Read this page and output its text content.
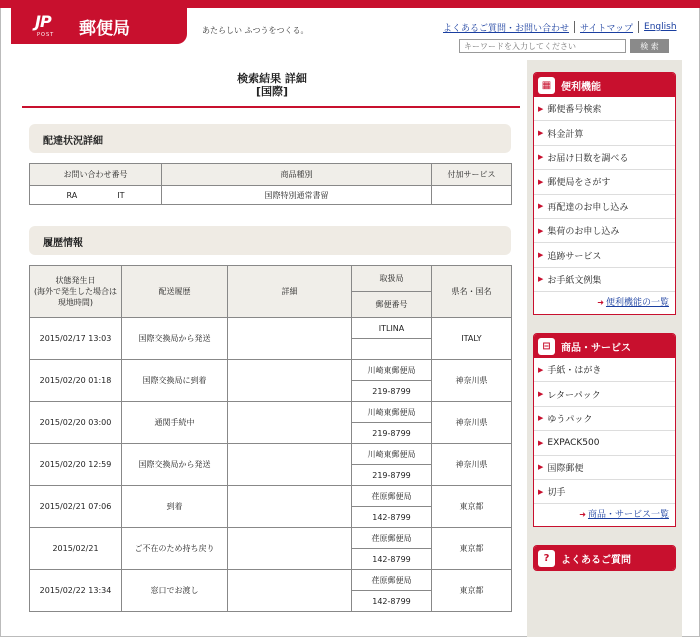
JP
POST 郵便局	あたらしい ふつうをつくる。	よくあるご質問・お問い合わせ	サイトマップ	English
キーワードを入力してください
検 索
検索結果 詳細
[国際]
配達状況詳細
お問い合わせ番号	商品種別	付加サービス
RA　　　　　IT	国際特別通常書留	
履歴情報
状態発生日
(海外で発生した場合は現地時間)	配送履歴	詳細	取扱局	県名・国名
			郵便番号	
2015/02/17 13:03	国際交換局から発送		ITLINA	ITALY

2015/02/20 01:18	国際交換局に到着		川崎東郵便局	神奈川県
			219-8799	
2015/02/20 03:00	通関手続中		川崎東郵便局	神奈川県
			219-8799	
2015/02/20 12:59	国際交換局から発送		川崎東郵便局	神奈川県
			219-8799	
2015/02/21 07:06	到着		荏原郵便局	東京都
			142-8799	
2015/02/21	ご不在のため持ち戻り		荏原郵便局	東京都
			142-8799	
2015/02/22 13:34	窓口でお渡し		荏原郵便局	東京都
			142-8799	
▦ 便利機能
▶ 郵便番号検索
▶ 料金計算
▶ お届け日数を調べる
▶ 郵便局をさがす
▶ 再配達のお申し込み
▶ 集荷のお申し込み
▶ 追跡サービス
▶ お手紙文例集
➜ 便利機能の一覧
⊟	商品・サービス
▶ 手紙・はがき
▶ レターパック
▶ ゆうパック
▶ EXPACK500
▶ 国際郵便
▶ 切手
➜ 商品・サービス一覧
?	よくあるご質問
